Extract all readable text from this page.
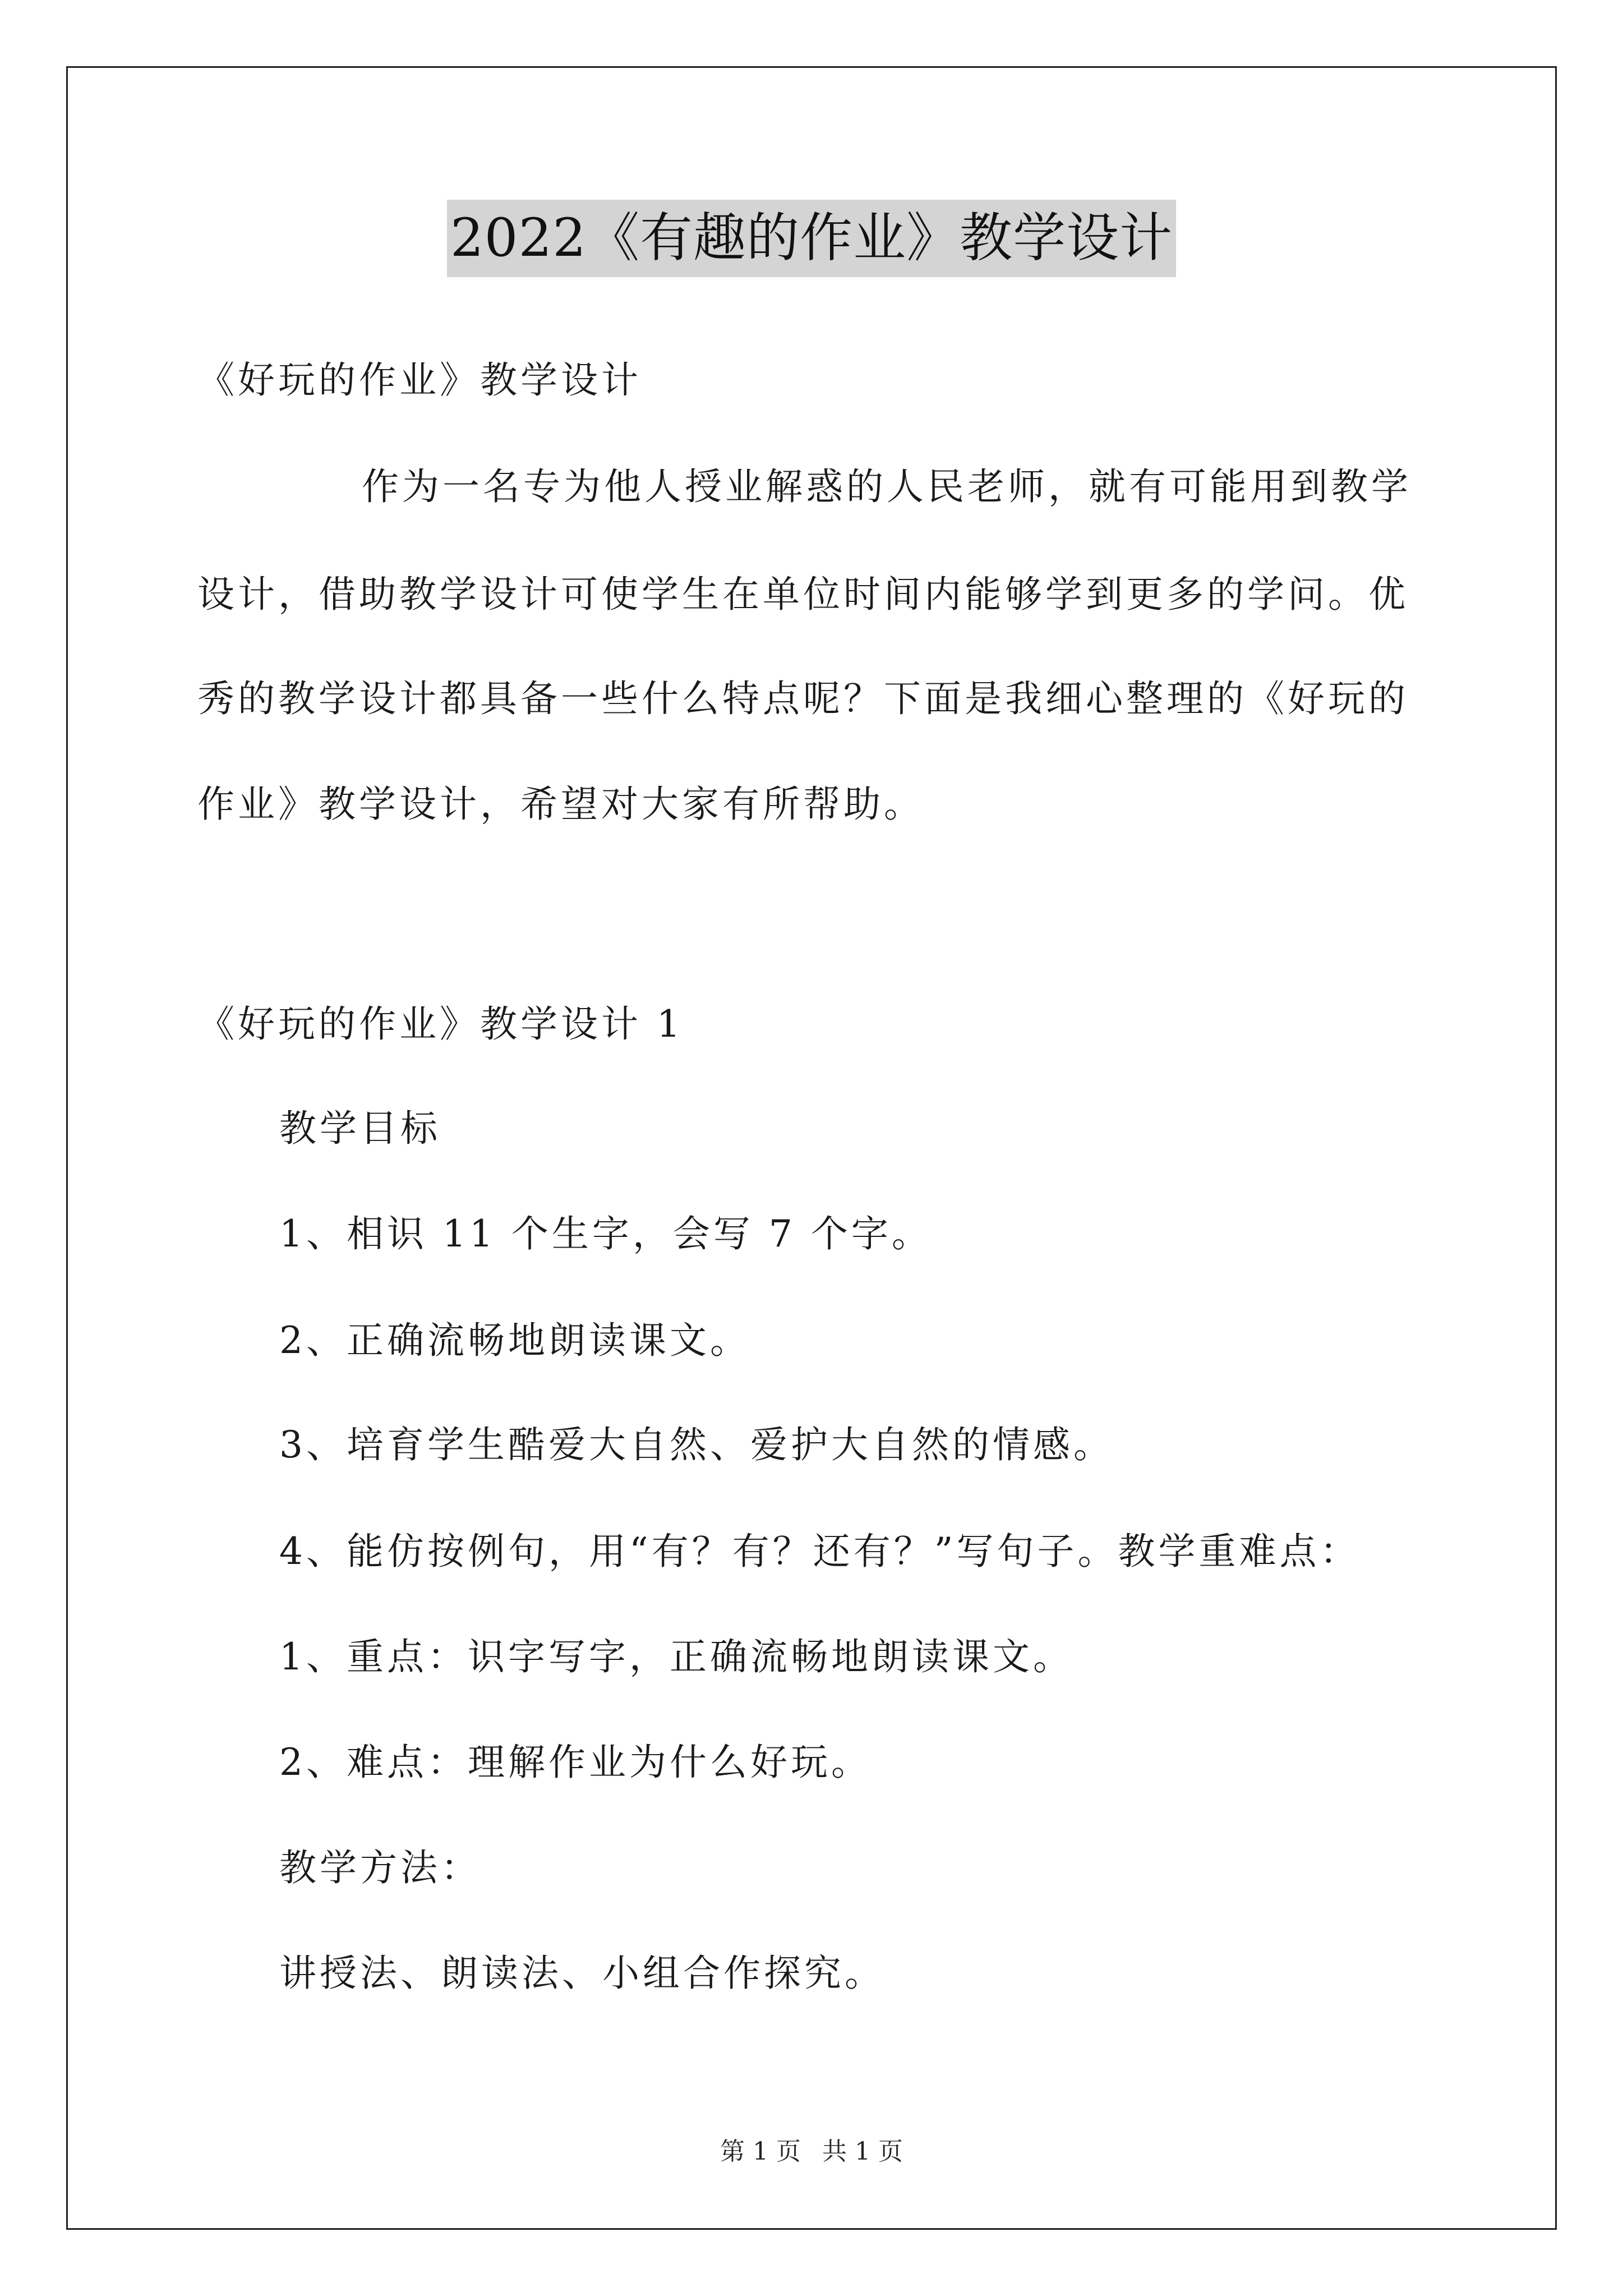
2022《有趣的作业》教学设计
《好玩的作业》教学设计
作为一名专为他人授业解惑的人民老师，就有可能用到教学
设计，借助教学设计可使学生在单位时间内能够学到更多的学问。优
秀的教学设计都具备一些什么特点呢？下面是我细心整理的《好玩的
作业》教学设计，希望对大家有所帮助。
《好玩的作业》教学设计 1
教学目标
1、相识 11 个生字，会写 7 个字。
2、正确流畅地朗读课文。
3、培育学生酷爱大自然、爱护大自然的情感。
4、能仿按例句，用“有？有？还有？”写句子。教学重难点：
1、重点：识字写字，正确流畅地朗读课文。
2、难点：理解作业为什么好玩。
教学方法：
讲授法、朗读法、小组合作探究。
第 1 页 共 1 页
